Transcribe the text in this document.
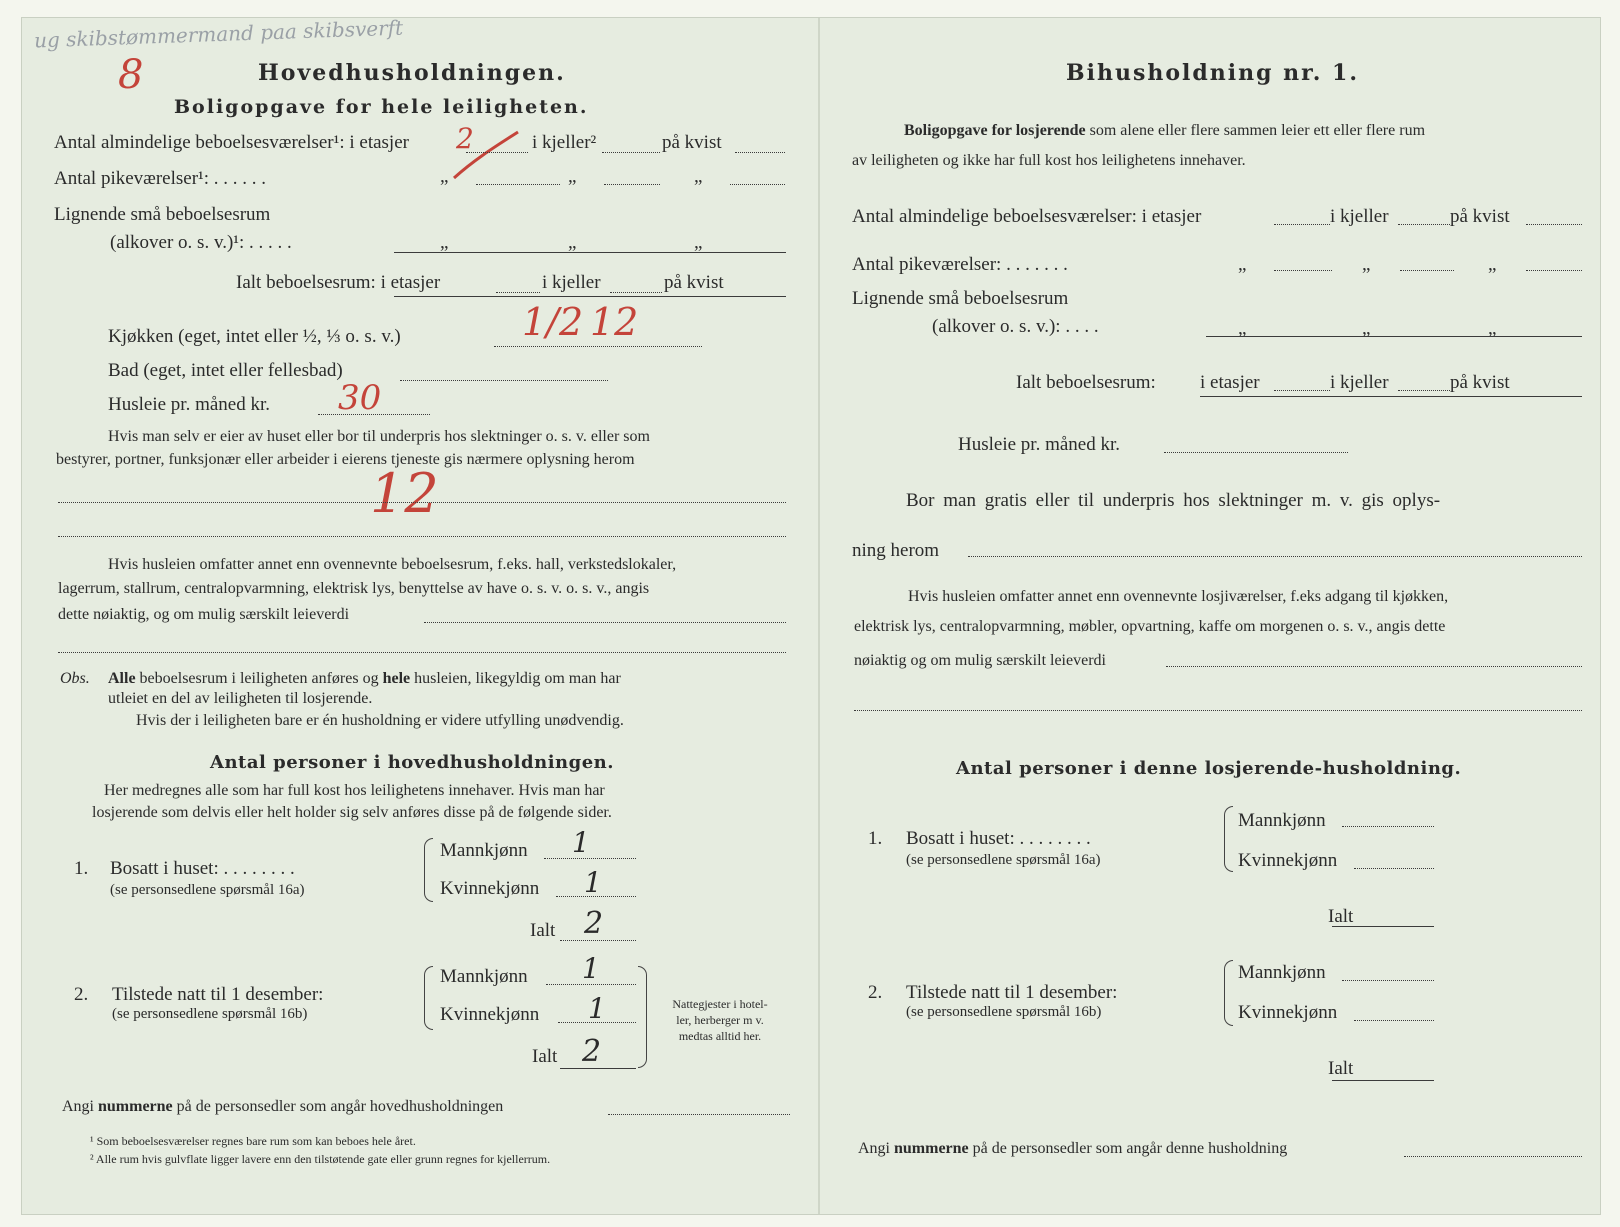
ug skibstømmermand paa skibsverft
8	Hovedhusholdningen.
Boligopgave for hele leiligheten.
Antal almindelige beboelsesværelser¹: i etasjer 2	i kjeller²	på kvist
Antal pikeværelser¹: . . . . . .	„	„	„
Lignende små beboelsesrum
(alkover o. s. v.)¹: . . . . .	„	„	„
Ialt beboelsesrum: i etasjer	i kjeller	på kvist
Kjøkken (eget, intet eller ½, ⅓ o. s. v.)	1/2 12
Bad (eget, intet eller fellesbad)
Husleie pr. måned kr. 30
Hvis man selv er eier av huset eller bor til underpris hos slektninger o. s. v. eller som
bestyrer, portner, funksjonær eller arbeider i eierens tjeneste gis nærmere oplysning herom
12
Hvis husleien omfatter annet enn ovennevnte beboelsesrum, f.eks. hall, verkstedslokaler,
lagerrum, stallrum, centralopvarmning, elektrisk lys, benyttelse av have o. s. v. o. s. v., angis
dette nøiaktig, og om mulig særskilt leieverdi
Obs. Alle beboelsesrum i leiligheten anføres og hele husleien, likegyldig om man har
utleiet en del av leiligheten til losjerende.
Hvis der i leiligheten bare er én husholdning er videre utfylling unødvendig.
Antal personer i hovedhusholdningen.
Her medregnes alle som har full kost hos leilighetens innehaver. Hvis man har
losjerende som delvis eller helt holder sig selv anføres disse på de følgende sider.
1. Bosatt i huset: . . . . . . . .
(se personsedlene spørsmål 16a)
Mannkjønn 1
Kvinnekjønn 1
Ialt 2
2. Tilstede natt til 1 desember:
(se personsedlene spørsmål 16b)
Mannkjønn 1
Kvinnekjønn 1
Ialt 2
Nattegjester i hotel-
ler, herberger m v.
medtas alltid her.
Angi nummerne på de personsedler som angår hovedhusholdningen
¹ Som beboelsesværelser regnes bare rum som kan beboes hele året.
² Alle rum hvis gulvflate ligger lavere enn den tilstøtende gate eller grunn regnes for kjellerrum.
Bihusholdning nr. 1.
Boligopgave for losjerende som alene eller flere sammen leier ett eller flere rum
av leiligheten og ikke har full kost hos leilighetens innehaver.
Antal almindelige beboelsesværelser: i etasjer	i kjeller	på kvist
Antal pikeværelser: . . . . . . .	„	„	„
Lignende små beboelsesrum
(alkover o. s. v.): . . . .	„	„	„
Ialt beboelsesrum: i etasjer	i kjeller	på kvist
Husleie pr. måned kr.
Bor man gratis eller til underpris hos slektninger m. v. gis oplys-
ning herom
Hvis husleien omfatter annet enn ovennevnte losjiværelser, f.eks adgang til kjøkken,
elektrisk lys, centralopvarmning, møbler, opvartning, kaffe om morgenen o. s. v., angis dette
nøiaktig og om mulig særskilt leieverdi
Antal personer i denne losjerende-husholdning.
1. Bosatt i huset: . . . . . . . .
(se personsedlene spørsmål 16a)
Mannkjønn
Kvinnekjønn
Ialt
2. Tilstede natt til 1 desember:
(se personsedlene spørsmål 16b)
Mannkjønn
Kvinnekjønn
Ialt
Angi nummerne på de personsedler som angår denne husholdning
